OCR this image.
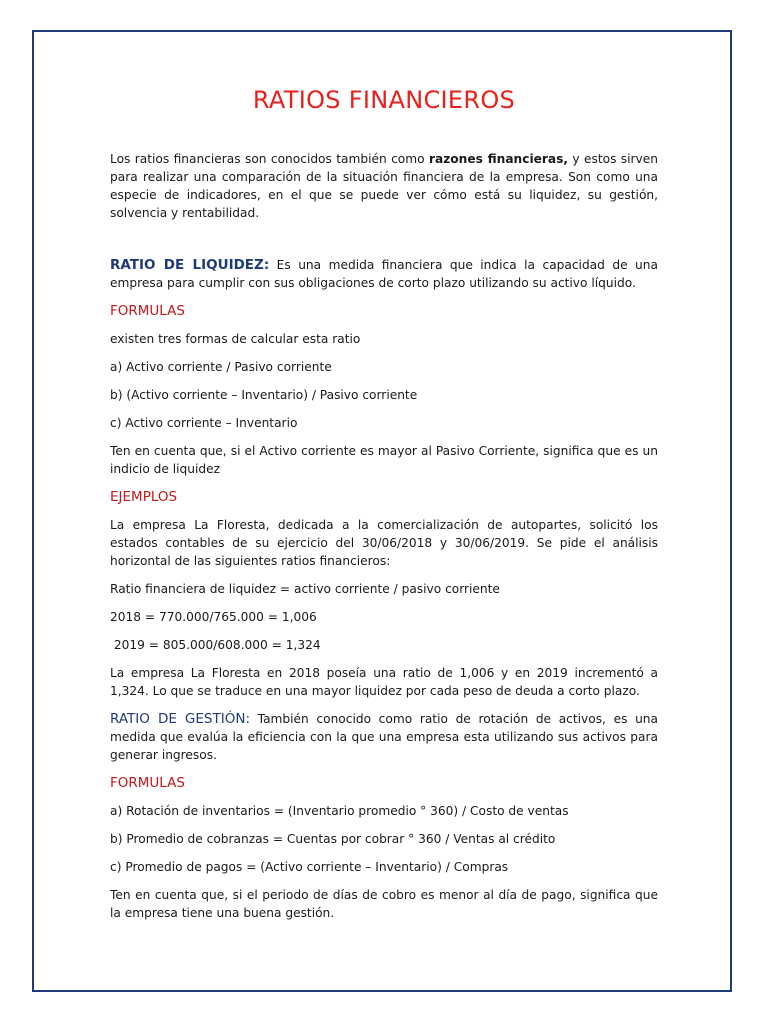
RATIOS FINANCIEROS

Los ratios financieras son conocidos también como razones financieras, y estos sirven para realizar una comparación de la situación financiera de la empresa. Son como una especie de indicadores, en el que se puede ver cómo está su liquidez, su gestión, solvencia y rentabilidad.

RATIO DE LIQUIDEZ: Es una medida financiera que indica la capacidad de una empresa para cumplir con sus obligaciones de corto plazo utilizando su activo líquido.

FORMULAS

existen tres formas de calcular esta ratio

a) Activo corriente / Pasivo corriente

b) (Activo corriente – Inventario) / Pasivo corriente

c) Activo corriente – Inventario

Ten en cuenta que, si el Activo corriente es mayor al Pasivo Corriente, significa que es un indicio de liquidez

EJEMPLOS

La empresa La Floresta, dedicada a la comercialización de autopartes, solicitó los estados contables de su ejercicio del 30/06/2018 y 30/06/2019. Se pide el análisis horizontal de las siguientes ratios financieros:

Ratio financiera de liquidez = activo corriente / pasivo corriente

2018 = 770.000/765.000 = 1,006

2019 = 805.000/608.000 = 1,324

La empresa La Floresta en 2018 poseía una ratio de 1,006 y en 2019 incrementó a 1,324. Lo que se traduce en una mayor liquidez por cada peso de deuda a corto plazo.

RATIO DE GESTIÓN: También conocido como ratio de rotación de activos, es una medida que evalúa la eficiencia con la que una empresa esta utilizando sus activos para generar ingresos.

FORMULAS

a) Rotación de inventarios = (Inventario promedio ° 360) / Costo de ventas

b) Promedio de cobranzas = Cuentas por cobrar ° 360 / Ventas al crédito

c) Promedio de pagos = (Activo corriente – Inventario) / Compras

Ten en cuenta que, si el periodo de días de cobro es menor al día de pago, significa que la empresa tiene una buena gestión.
